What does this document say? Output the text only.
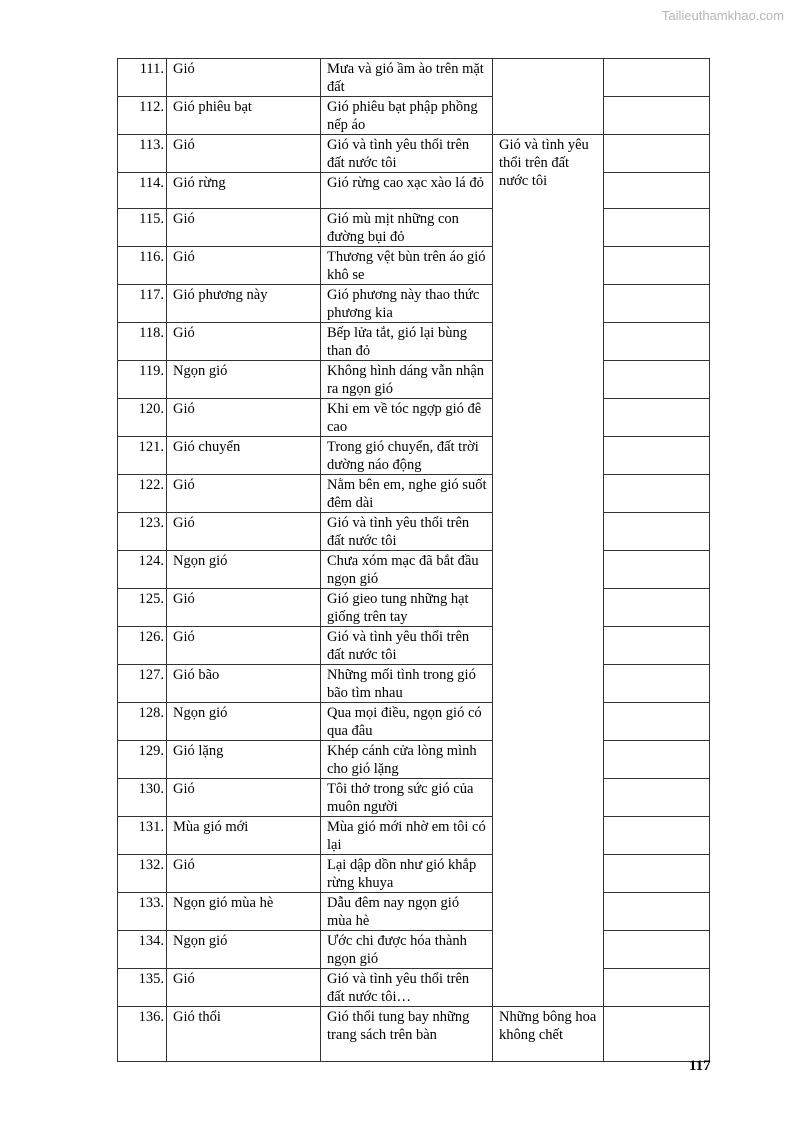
Tailieuthamkhao.com
111.	Gió	Mưa và gió ầm ào trên mặt đất		
112.	Gió phiêu bạt	Gió phiêu bạt phập phồng nếp áo		
113.	Gió	Gió và tình yêu thổi trên đất nước tôi	Gió và tình yêu thổi trên đất nước tôi	
114.	Gió rừng	Gió rừng cao xạc xào lá đỏ		
115.	Gió	Gió mù mịt những con đường bụi đỏ		
116.	Gió	Thương vệt bùn trên áo gió khô se		
117.	Gió phương này	Gió phương này thao thức phương kia		
118.	Gió	Bếp lửa tắt, gió lại bùng than đỏ		
119.	Ngọn gió	Không hình dáng vẫn nhận ra ngọn gió		
120.	Gió	Khi em về tóc ngợp gió đê cao		
121.	Gió chuyển	Trong gió chuyển, đất trời dường náo động		
122.	Gió	Nằm bên em, nghe gió suốt đêm dài		
123.	Gió	Gió và tình yêu thổi trên đất nước tôi		
124.	Ngọn gió	Chưa xóm mạc đã bắt đầu ngọn gió		
125.	Gió	Gió gieo tung những hạt giống trên tay		
126.	Gió	Gió và tình yêu thổi trên đất nước tôi		
127.	Gió bão	Những mối tình trong gió bão tìm nhau		
128.	Ngọn gió	Qua mọi điều, ngọn gió có qua đâu		
129.	Gió lặng	Khép cánh cửa lòng mình cho gió lặng		
130.	Gió	Tôi thở trong sức gió của muôn người		
131.	Mùa gió mới	Mùa gió mới nhờ em tôi có lại		
132.	Gió	Lại dập dồn như gió khắp rừng khuya		
133.	Ngọn gió mùa hè	Dẫu đêm nay ngọn gió mùa hè		
134.	Ngọn gió	Ước chi được hóa thành ngọn gió		
135.	Gió	Gió và tình yêu thổi trên đất nước tôi…		
136.	Gió thổi	Gió thổi tung bay những trang sách trên bàn	Những bông hoa không chết	
117
